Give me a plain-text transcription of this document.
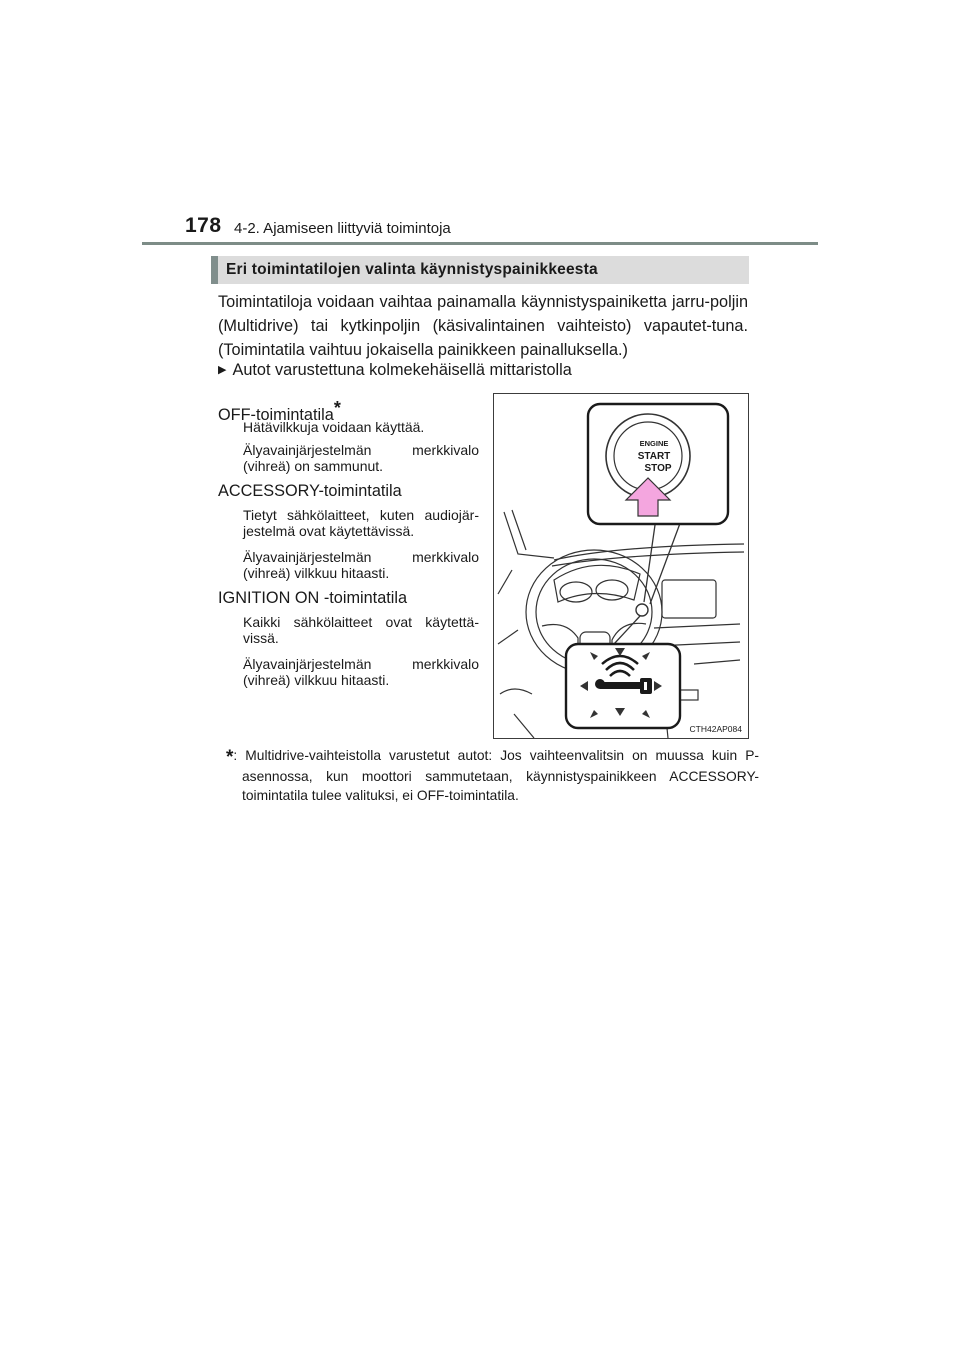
178 4-2. Ajamiseen liittyviä toimintoja
Eri toimintatilojen valinta käynnistyspainikkeesta
Toimintatiloja voidaan vaihtaa painamalla käynnistyspainiketta jarru-poljin (Multidrive) tai kytkinpoljin (käsivalintainen vaihteisto) vapautet-tuna. (Toimintatila vaihtuu jokaisella painikkeen painalluksella.)
▶ Autot varustettuna kolmekehäisellä mittaristolla
OFF-toimintatila*
Hätävilkkuja voidaan käyttää.
Älyavainjärjestelmän merkkivalo (vihreä) on sammunut.
ACCESSORY-toimintatila
Tietyt sähkölaitteet, kuten audiojär-jestelmä ovat käytettävissä.
Älyavainjärjestelmän merkkivalo (vihreä) vilkkuu hitaasti.
IGNITION ON -toimintatila
Kaikki sähkölaitteet ovat käytettä-vissä.
Älyavainjärjestelmän merkkivalo (vihreä) vilkkuu hitaasti.
ENGINE
START
STOP
CTH42AP084
*: Multidrive-vaihteistolla varustetut autot: Jos vaihteenvalitsin on muussa kuin P-asennossa, kun moottori sammutetaan, käynnistyspainikkeen ACCESSORY-toimintatila tulee valituksi, ei OFF-toimintatila.
